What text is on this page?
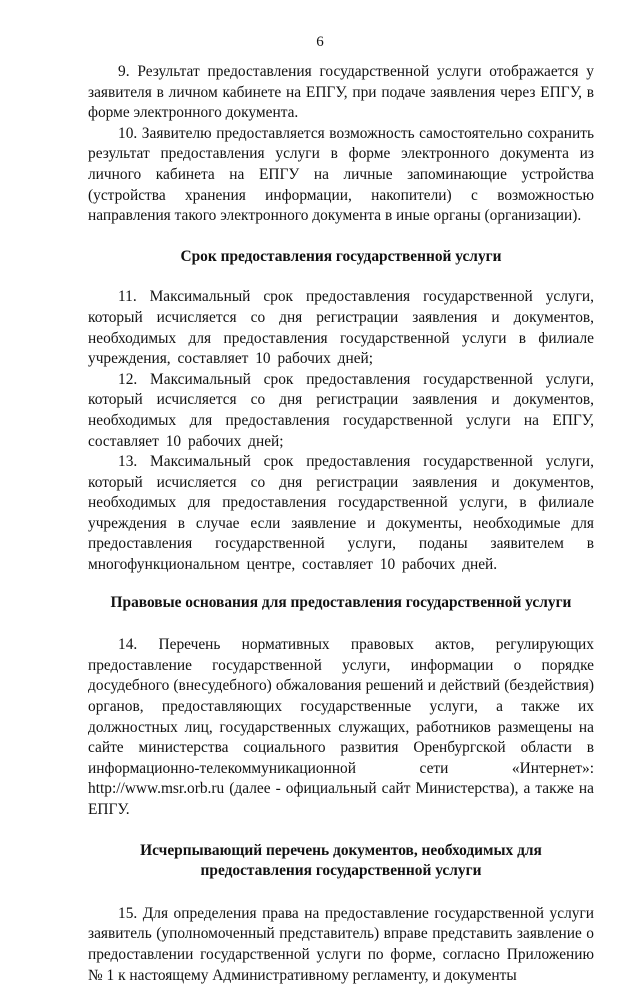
6

9. Результат предоставления государственной услуги отображается у заявителя в личном кабинете на ЕПГУ, при подаче заявления через ЕПГУ, в форме электронного документа.

10. Заявителю предоставляется возможность самостоятельно сохранить результат предоставления услуги в форме электронного документа из личного кабинета на ЕПГУ на личные запоминающие устройства (устройства хранения информации, накопители) с возможностью направления такого электронного документа в иные органы (организации).

Срок предоставления государственной услуги

11. Максимальный срок предоставления государственной услуги, который исчисляется со дня регистрации заявления и документов, необходимых для предоставления государственной услуги в филиале учреждения, составляет 10 рабочих дней;

12. Максимальный срок предоставления государственной услуги, который исчисляется со дня регистрации заявления и документов, необходимых для предоставления государственной услуги на ЕПГУ, составляет 10 рабочих дней;

13. Максимальный срок предоставления государственной услуги, который исчисляется со дня регистрации заявления и документов, необходимых для предоставления государственной услуги, в филиале учреждения в случае если заявление и документы, необходимые для предоставления государственной услуги, поданы заявителем в многофункциональном центре, составляет 10 рабочих дней.

Правовые основания для предоставления государственной услуги

14. Перечень нормативных правовых актов, регулирующих предоставление государственной услуги, информации о порядке досудебного (внесудебного) обжалования решений и действий (бездействия) органов, предоставляющих государственные услуги, а также их должностных лиц, государственных служащих, работников размещены на сайте министерства социального развития Оренбургской области в информационно-телекоммуникационной сети «Интернет»: http://www.msr.orb.ru (далее - официальный сайт Министерства), а также на ЕПГУ.

Исчерпывающий перечень документов, необходимых для
предоставления государственной услуги

15. Для определения права на предоставление государственной услуги заявитель (уполномоченный представитель) вправе представить заявление о предоставлении государственной услуги по форме, согласно Приложению № 1 к настоящему Административному регламенту, и документы
